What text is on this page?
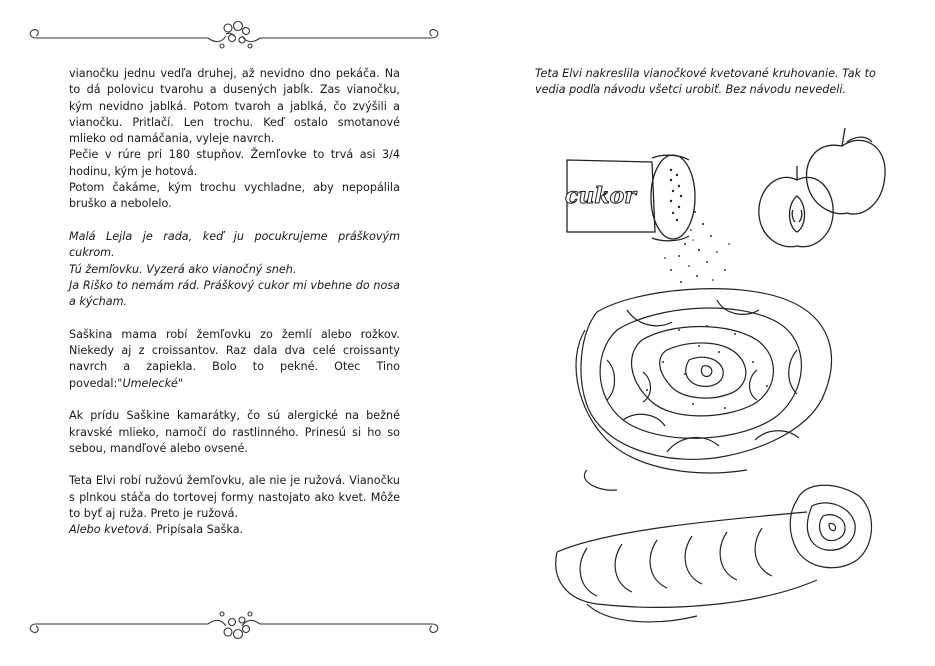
vianočku jednu vedľa druhej, až nevidno dno pekáča. Na to dá polovicu tvarohu a dusených jabĺk. Zas vianočku, kým nevidno jablká. Potom tvaroh a jablká, čo zvýšili a vianočku. Pritlačí. Len trochu. Keď ostalo smotanové mlieko od namáčania, vyleje navrch.
Pečie v rúre pri 180 stupňov. Žemľovke to trvá asi 3/4 hodinu, kým je hotová.
Potom čakáme, kým trochu vychladne, aby nepopálila bruško a nebolelo.

Malá Lejla je rada, keď ju pocukrujeme práškovým cukrom.
Tú žemľovku. Vyzerá ako vianočný sneh.
Ja Riško to nemám rád. Práškový cukor mi vbehne do nosa a kýcham.

Saškina mama robí žemľovku zo žemlí alebo rožkov. Niekedy aj z croissantov. Raz dala dva celé croissanty navrch a zapiekla. Bolo to pekné. Otec Tino povedal:"Umelecké"

Ak prídu Saškine kamarátky, čo sú alergické na bežné kravské mlieko, namočí do rastlinného. Prinesú si ho so sebou, mandľové alebo ovsené.

Teta Elvi robí ružovú žemľovku, ale nie je ružová. Vianočku s plnkou stáča do tortovej formy nastojato ako kvet. Môže to byť aj ruža. Preto je ružová.
Alebo kvetová. Pripísala Saška.

Teta Elvi nakreslila vianočkové kvetované kruhovanie. Tak to vedia podľa návodu všetci urobiť. Bez návodu nevedeli.
cukor
